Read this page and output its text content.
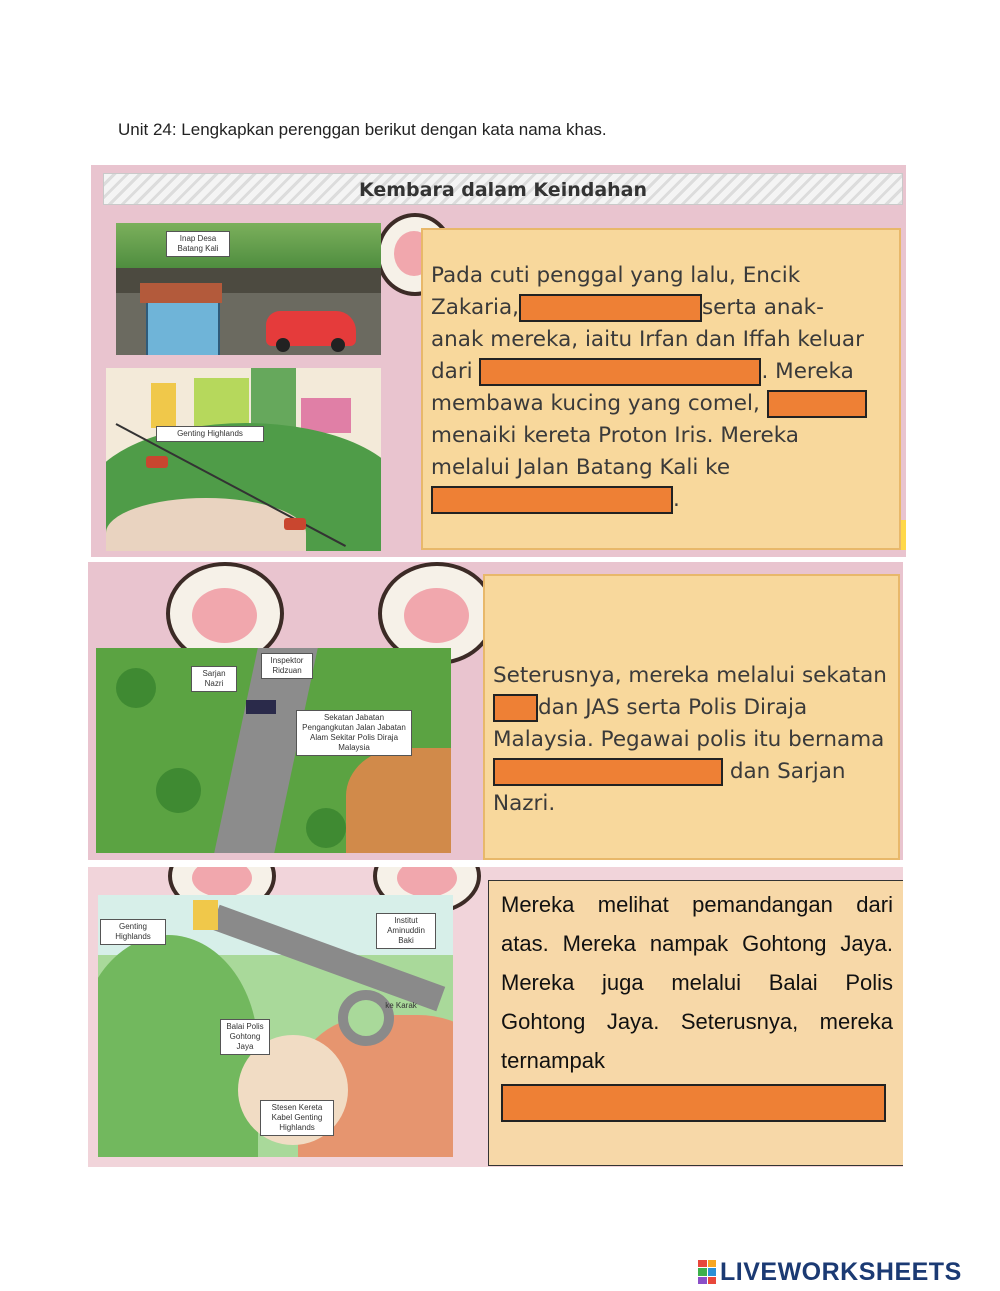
Unit 24: Lengkapkan perenggan berikut dengan kata nama khas.
Kembara dalam Keindahan
Inap Desa Batang Kali
Genting Highlands
Pada cuti penggal yang lalu, Encik Zakaria,	serta anak-anak mereka, iaitu Irfan dan Iffah keluar dari	. Mereka membawa kucing yang comel,  menaiki kereta Proton Iris. Mereka melalui Jalan Batang Kali ke .
Sarjan Nazri
Inspektor Ridzuan
Sekatan Jabatan Pengangkutan Jalan Jabatan Alam Sekitar Polis Diraja Malaysia
Seterusnya, mereka melalui sekatandan JAS serta Polis Diraja Malaysia. Pegawai polis itu bernama dan Sarjan Nazri.
Genting Highlands
Institut Aminuddin Baki
ke Karak
Balai Polis Gohtong Jaya
Stesen Kereta Kabel Genting Highlands
Mereka melihat pemandangan dari atas. Mereka nampak Gohtong Jaya. Mereka juga melalui Balai Polis Gohtong Jaya. Seterusnya, mereka ternampak
LIVEWORKSHEETS
